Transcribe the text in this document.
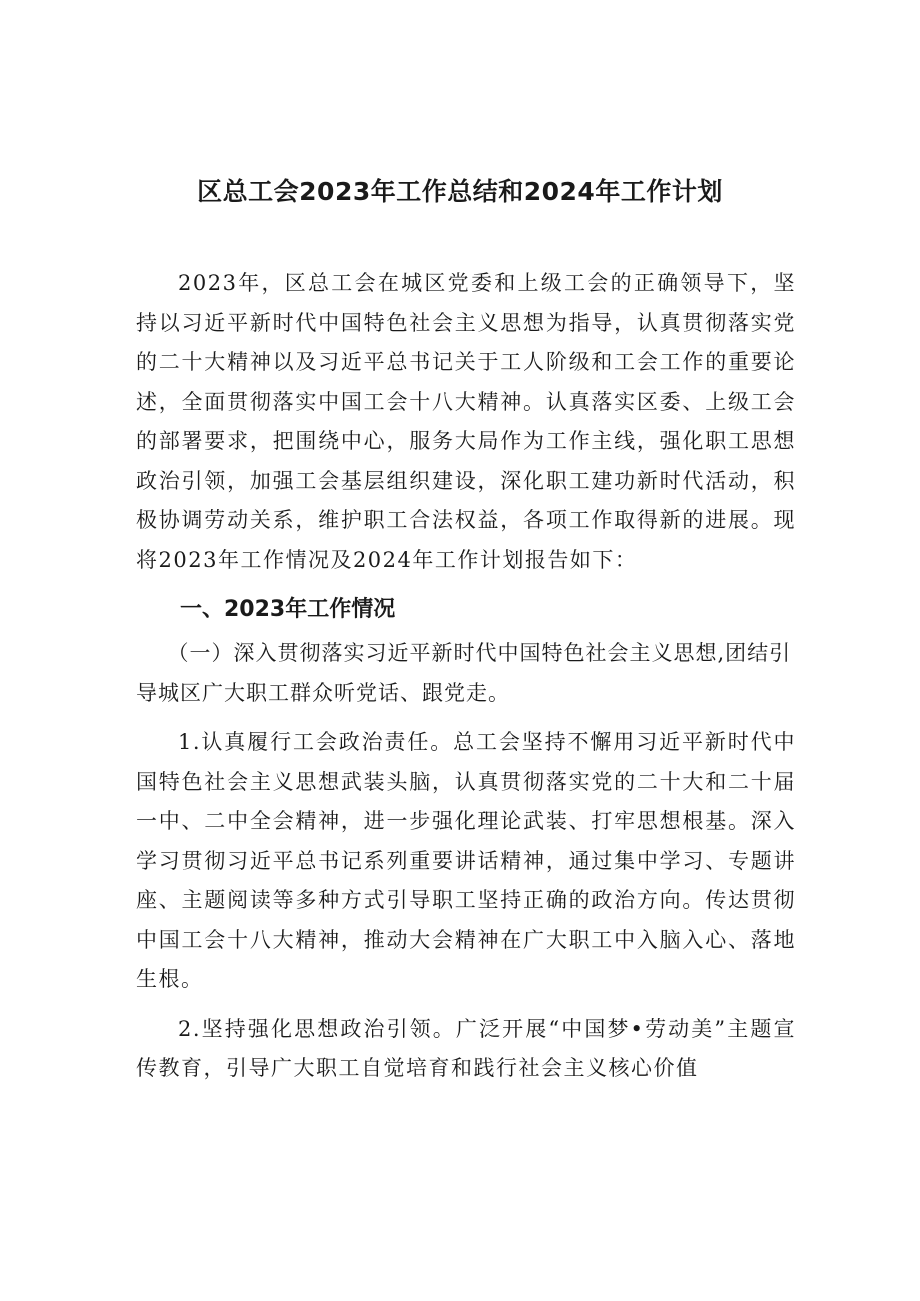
区总工会2023年工作总结和2024年工作计划

2023年，区总工会在城区党委和上级工会的正确领导下，坚持以习近平新时代中国特色社会主义思想为指导，认真贯彻落实党的二十大精神以及习近平总书记关于工人阶级和工会工作的重要论述，全面贯彻落实中国工会十八大精神。认真落实区委、上级工会的部署要求，把围绕中心，服务大局作为工作主线，强化职工思想政治引领，加强工会基层组织建设，深化职工建功新时代活动，积极协调劳动关系，维护职工合法权益，各项工作取得新的进展。现将2023年工作情况及2024年工作计划报告如下：

一、2023年工作情况

（一）深入贯彻落实习近平新时代中国特色社会主义思想,团结引导城区广大职工群众听党话、跟党走。

1.认真履行工会政治责任。总工会坚持不懈用习近平新时代中国特色社会主义思想武装头脑，认真贯彻落实党的二十大和二十届一中、二中全会精神，进一步强化理论武装、打牢思想根基。深入学习贯彻习近平总书记系列重要讲话精神，通过集中学习、专题讲座、主题阅读等多种方式引导职工坚持正确的政治方向。传达贯彻中国工会十八大精神，推动大会精神在广大职工中入脑入心、落地生根。

2.坚持强化思想政治引领。广泛开展“中国梦•劳动美”主题宣传教育，引导广大职工自觉培育和践行社会主义核心价值
